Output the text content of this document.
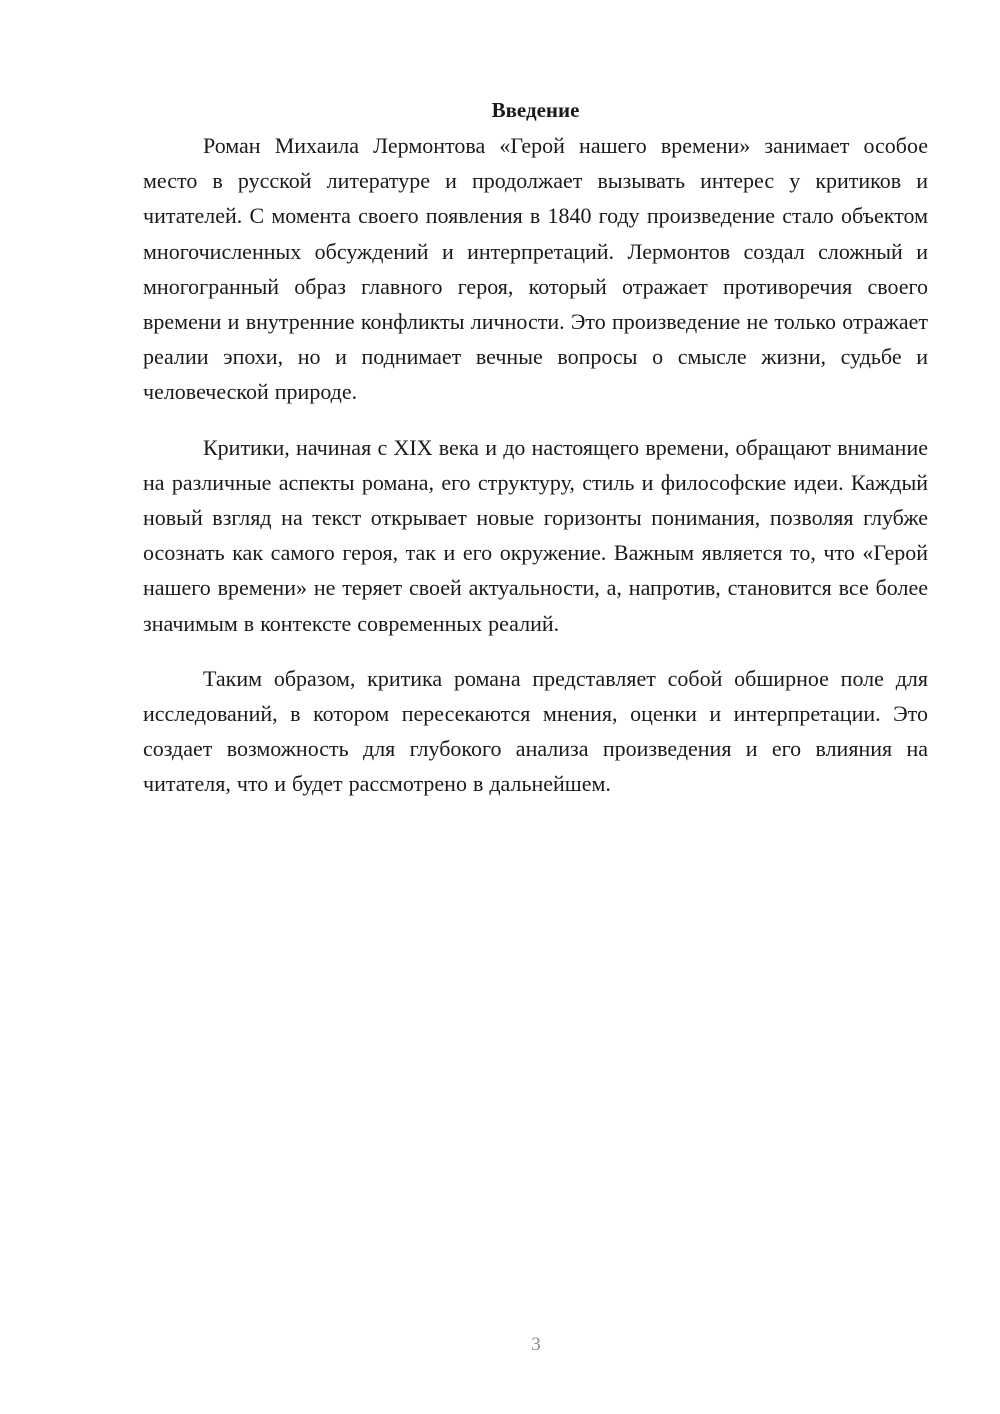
Введение

Роман Михаила Лермонтова «Герой нашего времени» занимает особое место в русской литературе и продолжает вызывать интерес у критиков и читателей. С момента своего появления в 1840 году произведение стало объектом многочисленных обсуждений и интерпретаций. Лермонтов создал сложный и многогранный образ главного героя, который отражает противоречия своего времени и внутренние конфликты личности. Это произведение не только отражает реалии эпохи, но и поднимает вечные вопросы о смысле жизни, судьбе и человеческой природе.

Критики, начиная с XIX века и до настоящего времени, обращают внимание на различные аспекты романа, его структуру, стиль и философские идеи. Каждый новый взгляд на текст открывает новые горизонты понимания, позволяя глубже осознать как самого героя, так и его окружение. Важным является то, что «Герой нашего времени» не теряет своей актуальности, а, напротив, становится все более значимым в контексте современных реалий.

Таким образом, критика романа представляет собой обширное поле для исследований, в котором пересекаются мнения, оценки и интерпретации. Это создает возможность для глубокого анализа произведения и его влияния на читателя, что и будет рассмотрено в дальнейшем.

3
